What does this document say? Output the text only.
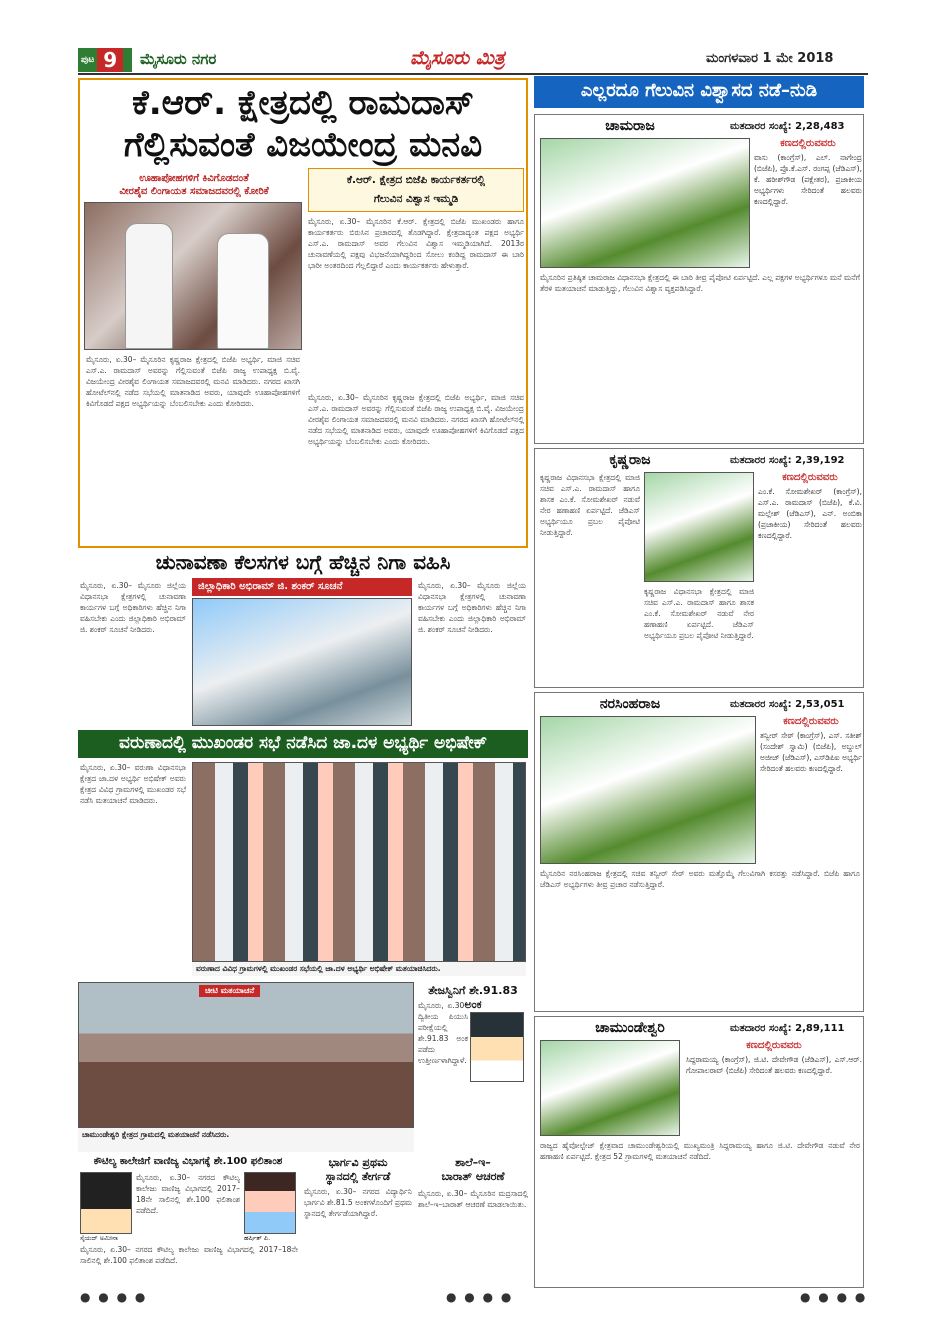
ಪುಟ 9	ಮೈಸೂರು ನಗರ	ಮೈಸೂರು ಮಿತ್ರ	ಮಂಗಳವಾರ 1 ಮೇ 2018
ಕೆ.ಆರ್. ಕ್ಷೇತ್ರದಲ್ಲಿ ರಾಮದಾಸ್
ಗೆಲ್ಲಿಸುವಂತೆ ವಿಜಯೇಂದ್ರ ಮನವಿ
ಊಹಾಪೋಹಗಳಿಗೆ ಕಿವಿಗೊಡದಂತೆ
ವೀರಶೈವ ಲಿಂಗಾಯತ ಸಮಾಜದವರಲ್ಲಿ ಕೋರಿಕೆ
ಕೆ.ಆರ್. ಕ್ಷೇತ್ರದ ಬಿಜೆಪಿ ಕಾರ್ಯಕರ್ತರಲ್ಲಿ
ಗೆಲುವಿನ ವಿಶ್ವಾಸ ಇಮ್ಮಡಿ
ಮೈಸೂರು, ಏ.30– ಮೈಸೂರಿನ ಕೆ.ಆರ್. ಕ್ಷೇತ್ರದಲ್ಲಿ ಬಿಜೆಪಿ ಮುಖಂಡರು ಹಾಗೂ ಕಾರ್ಯಕರ್ತರು ಬಿರುಸಿನ ಪ್ರಚಾರದಲ್ಲಿ ತೊಡಗಿದ್ದಾರೆ. ಕ್ಷೇತ್ರದಾದ್ಯಂತ ಪಕ್ಷದ ಅಭ್ಯರ್ಥಿ ಎಸ್.ಎ. ರಾಮದಾಸ್ ಅವರ ಗೆಲುವಿನ ವಿಶ್ವಾಸ ಇಮ್ಮಡಿಯಾಗಿದೆ. 2013ರ ಚುನಾವಣೆಯಲ್ಲಿ ಪಕ್ಷವು ವಿಭಜನೆಯಾಗಿದ್ದರಿಂದ ಸೋಲು ಕಂಡಿದ್ದ ರಾಮದಾಸ್ ಈ ಬಾರಿ ಭಾರೀ ಅಂತರದಿಂದ ಗೆಲ್ಲಲಿದ್ದಾರೆ ಎಂದು ಕಾರ್ಯಕರ್ತರು ಹೇಳುತ್ತಾರೆ.
ಮೈಸೂರು, ಏ.30– ಮೈಸೂರಿನ ಕೃಷ್ಣರಾಜ ಕ್ಷೇತ್ರದಲ್ಲಿ ಬಿಜೆಪಿ ಅಭ್ಯರ್ಥಿ, ಮಾಜಿ ಸಚಿವ ಎಸ್.ಎ. ರಾಮದಾಸ್ ಅವರನ್ನು ಗೆಲ್ಲಿಸುವಂತೆ ಬಿಜೆಪಿ ರಾಜ್ಯ ಉಪಾಧ್ಯಕ್ಷ ಬಿ.ವೈ. ವಿಜಯೇಂದ್ರ ವೀರಶೈವ ಲಿಂಗಾಯತ ಸಮಾಜದವರಲ್ಲಿ ಮನವಿ ಮಾಡಿದರು. ನಗರದ ಖಾಸಗಿ ಹೋಟೆಲ್‍ನಲ್ಲಿ ನಡೆದ ಸಭೆಯಲ್ಲಿ ಮಾತನಾಡಿದ ಅವರು, ಯಾವುದೇ ಊಹಾಪೋಹಗಳಿಗೆ ಕಿವಿಗೊಡದೆ ಪಕ್ಷದ ಅಭ್ಯರ್ಥಿಯನ್ನು ಬೆಂಬಲಿಸಬೇಕು ಎಂದು ಕೋರಿದರು.
ಮೈಸೂರು, ಏ.30– ಮೈಸೂರಿನ ಕೃಷ್ಣರಾಜ ಕ್ಷೇತ್ರದಲ್ಲಿ ಬಿಜೆಪಿ ಅಭ್ಯರ್ಥಿ, ಮಾಜಿ ಸಚಿವ ಎಸ್.ಎ. ರಾಮದಾಸ್ ಅವರನ್ನು ಗೆಲ್ಲಿಸುವಂತೆ ಬಿಜೆಪಿ ರಾಜ್ಯ ಉಪಾಧ್ಯಕ್ಷ ಬಿ.ವೈ. ವಿಜಯೇಂದ್ರ ವೀರಶೈವ ಲಿಂಗಾಯತ ಸಮಾಜದವರಲ್ಲಿ ಮನವಿ ಮಾಡಿದರು. ನಗರದ ಖಾಸಗಿ ಹೋಟೆಲ್‍ನಲ್ಲಿ ನಡೆದ ಸಭೆಯಲ್ಲಿ ಮಾತನಾಡಿದ ಅವರು, ಯಾವುದೇ ಊಹಾಪೋಹಗಳಿಗೆ ಕಿವಿಗೊಡದೆ ಪಕ್ಷದ ಅಭ್ಯರ್ಥಿಯನ್ನು ಬೆಂಬಲಿಸಬೇಕು ಎಂದು ಕೋರಿದರು.
ಚುನಾವಣಾ ಕೆಲಸಗಳ ಬಗ್ಗೆ ಹೆಚ್ಚಿನ ನಿಗಾ ವಹಿಸಿ
ಜಿಲ್ಲಾಧಿಕಾರಿ ಅಭಿರಾಮ್ ಜಿ. ಶಂಕರ್ ಸೂಚನೆ
ಮೈಸೂರು, ಏ.30– ಮೈಸೂರು ಜಿಲ್ಲೆಯ ವಿಧಾನಸಭಾ ಕ್ಷೇತ್ರಗಳಲ್ಲಿ ಚುನಾವಣಾ ಕಾರ್ಯಗಳ ಬಗ್ಗೆ ಅಧಿಕಾರಿಗಳು ಹೆಚ್ಚಿನ ನಿಗಾ ವಹಿಸಬೇಕು ಎಂದು ಜಿಲ್ಲಾಧಿಕಾರಿ ಅಭಿರಾಮ್ ಜಿ. ಶಂಕರ್ ಸೂಚನೆ ನೀಡಿದರು.
ಮೈಸೂರು, ಏ.30– ಮೈಸೂರು ಜಿಲ್ಲೆಯ ವಿಧಾನಸಭಾ ಕ್ಷೇತ್ರಗಳಲ್ಲಿ ಚುನಾವಣಾ ಕಾರ್ಯಗಳ ಬಗ್ಗೆ ಅಧಿಕಾರಿಗಳು ಹೆಚ್ಚಿನ ನಿಗಾ ವಹಿಸಬೇಕು ಎಂದು ಜಿಲ್ಲಾಧಿಕಾರಿ ಅಭಿರಾಮ್ ಜಿ. ಶಂಕರ್ ಸೂಚನೆ ನೀಡಿದರು.
ವರುಣಾದಲ್ಲಿ ಮುಖಂಡರ ಸಭೆ ನಡೆಸಿದ ಜಾ.ದಳ ಅಭ್ಯರ್ಥಿ ಅಭಿಷೇಕ್
ಮೈಸೂರು, ಏ.30– ವರುಣಾ ವಿಧಾನಸಭಾ ಕ್ಷೇತ್ರದ ಜಾ.ದಳ ಅಭ್ಯರ್ಥಿ ಅಭಿಷೇಕ್ ಅವರು ಕ್ಷೇತ್ರದ ವಿವಿಧ ಗ್ರಾಮಗಳಲ್ಲಿ ಮುಖಂಡರ ಸಭೆ ನಡೆಸಿ ಮತಯಾಚನೆ ಮಾಡಿದರು.
ವರುಣಾದ ವಿವಿಧ ಗ್ರಾಮಗಳಲ್ಲಿ ಮುಖಂಡರ ಸಭೆಯಲ್ಲಿ ಜಾ.ದಳ ಅಭ್ಯರ್ಥಿ ಅಭಿಷೇಕ್ ಮತಯಾಚಿಸಿದರು.
ಚೀಟಿ ಮತಯಾಚನೆ
ಚಾಮುಂಡೇಶ್ವರಿ ಕ್ಷೇತ್ರದ ಗ್ರಾಮದಲ್ಲಿ ಮತಯಾಚನೆ ನಡೆಸಿದರು.
ತೇಜಸ್ವಿನಿಗೆ ಶೇ.91.83 ಅಂಕ
ಮೈಸೂರು, ಏ.30– ದ್ವಿತೀಯ ಪಿಯುಸಿ ಪರೀಕ್ಷೆಯಲ್ಲಿ ಶೇ.91.83 ಅಂಕ ಪಡೆದು ಉತ್ತೀರ್ಣಳಾಗಿದ್ದಾಳೆ.
ಕೌಟಿಲ್ಯ ಕಾಲೇಜಿಗೆ ವಾಣಿಜ್ಯ ವಿಭಾಗಕ್ಕೆ ಶೇ.100 ಫಲಿತಾಂಶ
ಸೈಯದ್ ಅಮೀನಾ
ಮೈಸೂರು, ಏ.30– ನಗರದ ಕೌಟಿಲ್ಯ ಕಾಲೇಜು ವಾಣಿಜ್ಯ ವಿಭಾಗದಲ್ಲಿ 2017–18ನೇ ಸಾಲಿನಲ್ಲಿ ಶೇ.100 ಫಲಿತಾಂಶ ಪಡೆದಿದೆ.
ಹರ್ಷಿತ್ ಪಿ.
ಮೈಸೂರು, ಏ.30– ನಗರದ ಕೌಟಿಲ್ಯ ಕಾಲೇಜು ವಾಣಿಜ್ಯ ವಿಭಾಗದಲ್ಲಿ 2017–18ನೇ ಸಾಲಿನಲ್ಲಿ ಶೇ.100 ಫಲಿತಾಂಶ ಪಡೆದಿದೆ.
ಭಾರ್ಗವಿ ಪ್ರಥಮ
ಸ್ಥಾನದಲ್ಲಿ ತೇರ್ಗಡೆ
ಮೈಸೂರು, ಏ.30– ನಗರದ ವಿದ್ಯಾರ್ಥಿನಿ ಭಾರ್ಗವಿ ಶೇ.81.5 ಅಂಕಗಳೊಂದಿಗೆ ಪ್ರಥಮ ಸ್ಥಾನದಲ್ಲಿ ತೇರ್ಗಡೆಯಾಗಿದ್ದಾರೆ.
ಶಾಲೆ–ಇ–
ಬಾರಾತ್ ಆಚರಣೆ
ಮೈಸೂರು, ಏ.30– ಮೈಸೂರಿನ ಮದ್ರಸಾದಲ್ಲಿ ಶಾಲೆ–ಇ–ಬಾರಾತ್ ಆಚರಣೆ ಮಾಡಲಾಯಿತು.
ಎಲ್ಲರದೂ ಗೆಲುವಿನ ವಿಶ್ವಾಸದ ನಡೆ–ನುಡಿ
ಚಾಮರಾಜ	ಮತದಾರರ ಸಂಖ್ಯೆ: 2,28,483
ಕಣದಲ್ಲಿರುವವರು
ವಾಸು (ಕಾಂಗ್ರೆಸ್), ಎಲ್. ನಾಗೇಂದ್ರ (ಬಿಜೆಪಿ), ಪ್ರೊ.ಕೆ.ಎಸ್. ರಂಗಪ್ಪ (ಜೆಡಿಎಸ್), ಕೆ. ಹರೀಶ್‍ಗೌಡ (ಪಕ್ಷೇತರ), ಪ್ರಜಾಕೀಯ ಅಭ್ಯರ್ಥಿಗಳು ಸೇರಿದಂತೆ ಹಲವರು ಕಣದಲ್ಲಿದ್ದಾರೆ.
ಮೈಸೂರಿನ ಪ್ರತಿಷ್ಠಿತ ಚಾಮರಾಜ ವಿಧಾನಸಭಾ ಕ್ಷೇತ್ರದಲ್ಲಿ ಈ ಬಾರಿ ತೀವ್ರ ಪೈಪೋಟಿ ಏರ್ಪಟ್ಟಿದೆ. ಎಲ್ಲ ಪಕ್ಷಗಳ ಅಭ್ಯರ್ಥಿಗಳೂ ಮನೆ ಮನೆಗೆ ತೆರಳಿ ಮತಯಾಚನೆ ಮಾಡುತ್ತಿದ್ದು, ಗೆಲುವಿನ ವಿಶ್ವಾಸ ವ್ಯಕ್ತಪಡಿಸಿದ್ದಾರೆ.
ಕೃಷ್ಣರಾಜ	ಮತದಾರರ ಸಂಖ್ಯೆ: 2,39,192
ಕೃಷ್ಣರಾಜ ವಿಧಾನಸಭಾ ಕ್ಷೇತ್ರದಲ್ಲಿ ಮಾಜಿ ಸಚಿವ ಎಸ್.ಎ. ರಾಮದಾಸ್ ಹಾಗೂ ಶಾಸಕ ಎಂ.ಕೆ. ಸೋಮಶೇಖರ್ ನಡುವೆ ನೇರ ಹಣಾಹಣಿ ಏರ್ಪಟ್ಟಿದೆ. ಜೆಡಿಎಸ್ ಅಭ್ಯರ್ಥಿಯೂ ಪ್ರಬಲ ಪೈಪೋಟಿ ನೀಡುತ್ತಿದ್ದಾರೆ.
ಕಣದಲ್ಲಿರುವವರು
ಎಂ.ಕೆ. ಸೋಮಶೇಖರ್ (ಕಾಂಗ್ರೆಸ್), ಎಸ್.ಎ. ರಾಮದಾಸ್ (ಬಿಜೆಪಿ), ಕೆ.ವಿ. ಮಲ್ಲೇಶ್ (ಜೆಡಿಎಸ್), ಎನ್. ಅಂಬಿಕಾ (ಪ್ರಜಾಕೀಯ) ಸೇರಿದಂತೆ ಹಲವರು ಕಣದಲ್ಲಿದ್ದಾರೆ.
ಕೃಷ್ಣರಾಜ ವಿಧಾನಸಭಾ ಕ್ಷೇತ್ರದಲ್ಲಿ ಮಾಜಿ ಸಚಿವ ಎಸ್.ಎ. ರಾಮದಾಸ್ ಹಾಗೂ ಶಾಸಕ ಎಂ.ಕೆ. ಸೋಮಶೇಖರ್ ನಡುವೆ ನೇರ ಹಣಾಹಣಿ ಏರ್ಪಟ್ಟಿದೆ. ಜೆಡಿಎಸ್ ಅಭ್ಯರ್ಥಿಯೂ ಪ್ರಬಲ ಪೈಪೋಟಿ ನೀಡುತ್ತಿದ್ದಾರೆ.
ನರಸಿಂಹರಾಜ	ಮತದಾರರ ಸಂಖ್ಯೆ: 2,53,051
ಕಣದಲ್ಲಿರುವವರು
ತನ್ವೀರ್ ಸೇಠ್ (ಕಾಂಗ್ರೆಸ್), ಎಸ್. ಸತೀಶ್ (ಸಂದೇಶ್ ಸ್ವಾಮಿ) (ಬಿಜೆಪಿ), ಅಬ್ದುಲ್ ಅಜೀಜ್ (ಜೆಡಿಎಸ್), ಎಸ್‍ಡಿಪಿಐ ಅಭ್ಯರ್ಥಿ ಸೇರಿದಂತೆ ಹಲವರು ಕಣದಲ್ಲಿದ್ದಾರೆ.
ಮೈಸೂರಿನ ನರಸಿಂಹರಾಜ ಕ್ಷೇತ್ರದಲ್ಲಿ ಸಚಿವ ತನ್ವೀರ್ ಸೇಠ್ ಅವರು ಮತ್ತೊಮ್ಮೆ ಗೆಲುವಿಗಾಗಿ ಕಸರತ್ತು ನಡೆಸಿದ್ದಾರೆ. ಬಿಜೆಪಿ ಹಾಗೂ ಜೆಡಿಎಸ್ ಅಭ್ಯರ್ಥಿಗಳು ತೀವ್ರ ಪ್ರಚಾರ ನಡೆಸುತ್ತಿದ್ದಾರೆ.
ಚಾಮುಂಡೇಶ್ವರಿ	ಮತದಾರರ ಸಂಖ್ಯೆ: 2,89,111
ಕಣದಲ್ಲಿರುವವರು
ಸಿದ್ದರಾಮಯ್ಯ (ಕಾಂಗ್ರೆಸ್), ಜಿ.ಟಿ. ದೇವೇಗೌಡ (ಜೆಡಿಎಸ್), ಎಸ್.ಆರ್. ಗೋಪಾಲರಾವ್ (ಬಿಜೆಪಿ) ಸೇರಿದಂತೆ ಹಲವರು ಕಣದಲ್ಲಿದ್ದಾರೆ.
ರಾಜ್ಯದ ಹೈವೋಲ್ಟೇಜ್ ಕ್ಷೇತ್ರವಾದ ಚಾಮುಂಡೇಶ್ವರಿಯಲ್ಲಿ ಮುಖ್ಯಮಂತ್ರಿ ಸಿದ್ದರಾಮಯ್ಯ ಹಾಗೂ ಜಿ.ಟಿ. ದೇವೇಗೌಡ ನಡುವೆ ನೇರ ಹಣಾಹಣಿ ಏರ್ಪಟ್ಟಿದೆ. ಕ್ಷೇತ್ರದ 52 ಗ್ರಾಮಗಳಲ್ಲಿ ಮತಯಾಚನೆ ನಡೆದಿದೆ.
● ● ● ●	● ● ● ●	● ● ● ●
